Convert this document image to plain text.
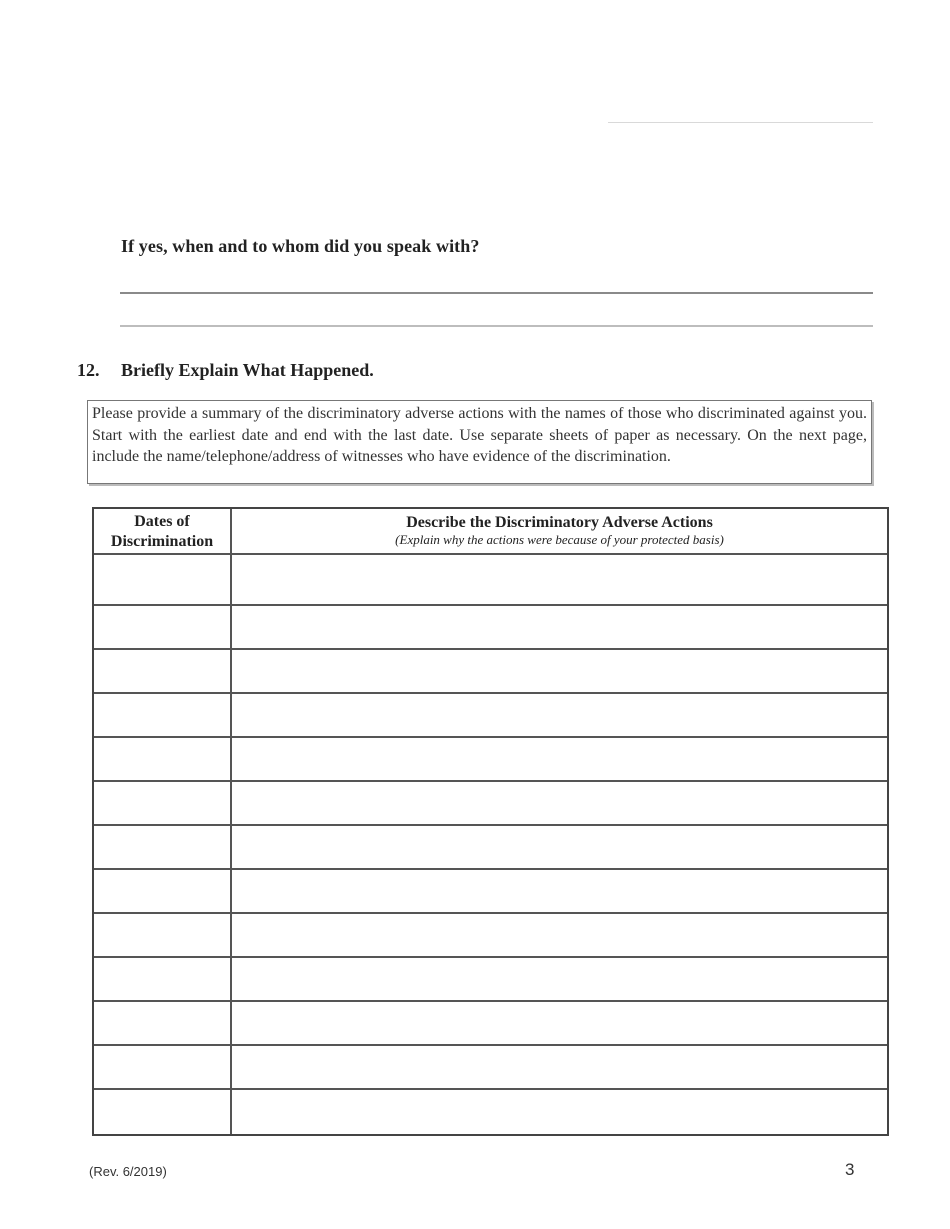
If yes, when and to whom did you speak with?
12. Briefly Explain What Happened.
Please provide a summary of the discriminatory adverse actions with the names of those who discriminated against you. Start with the earliest date and end with the last date. Use separate sheets of paper as necessary. On the next page, include the name/telephone/address of witnesses who have evidence of the discrimination.
Dates of
Discrimination
Describe the Discriminatory Adverse Actions
(Explain why the actions were because of your protected basis)
(Rev. 6/2019)	3
